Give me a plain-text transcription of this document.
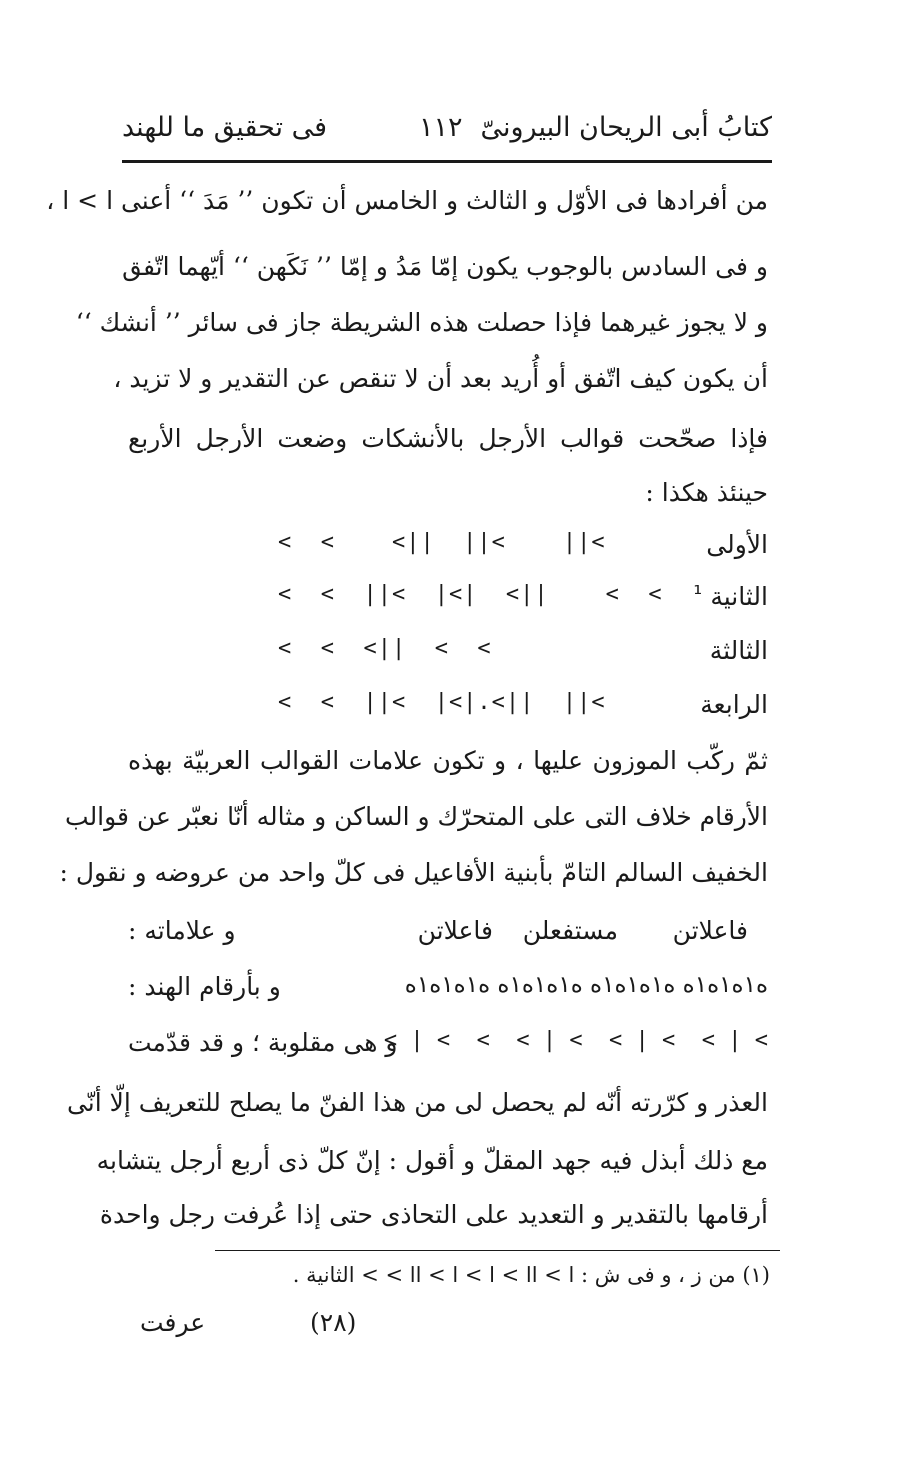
كتابُ أبى الريحان البيرونىّ
١١٢
فى تحقيق ما للهند
من أفرادها فى الأوّل و الثالث و الخامس أن تكون ’’ مَدَ ‘‘ أعنى ا > ا ،
و فى السادس بالوجوب يكون إمّا مَدُ و إمّا ’’ نَكَهن ‘‘ أيّهما اتّفق
و لا يجوز غيرهما فإذا حصلت هذه الشريطة جاز فى سائر ’’ أنشك ‘‘
أن يكون كيف اتّفق أو أُريد بعد أن لا تنقص عن التقدير و لا تزيد ،
فإذا صحّحت قوالب الأرجل بالأنشكات وضعت الأرجل الأربع
حينئذ هكذا :
الأولى
<  <    <||  ||<    ||<
الثانية
<  <  ||<  |<|  <||    <  <  ¹
الثالثة
<  <  <||  <  <
الرابعة
<  <  ||<  |<|.<||  ||<
ثمّ ركّب الموزون عليها ، و تكون علامات القوالب العربيّة بهذه
الأرقام خلاف التى على المتحرّك و الساكن و مثاله أنّا نعبّر عن قوالب
الخفيف السالم التامّ بأبنية الأفاعيل فى كلّ واحد من عروضه و نقول :
فاعلاتن
مستفعلن
فاعلاتن
و علاماته :
ه١ه١ه١ه ه١ه١ه١ه ه١ه١ه١ه ه١ه١ه١ه
و بأرقام الهند :
< | <  <  < | <  < | <  < | <
و هى مقلوبة ؛ و قد قدّمت
العذر و كرّرته أنّه لم يحصل لى من هذا الفنّ ما يصلح للتعريف إلّا أنّى
مع ذلك أبذل فيه جهد المقلّ و أقول : إنّ كلّ ذى أربع أرجل يتشابه
أرقامها بالتقدير و التعديد على التحاذى حتى إذا عُرفت رجل واحدة
(١) من ز ، و فى ش : ا > اا > ا > ا > اا > > الثانية .
(٢٨)
عرفت
